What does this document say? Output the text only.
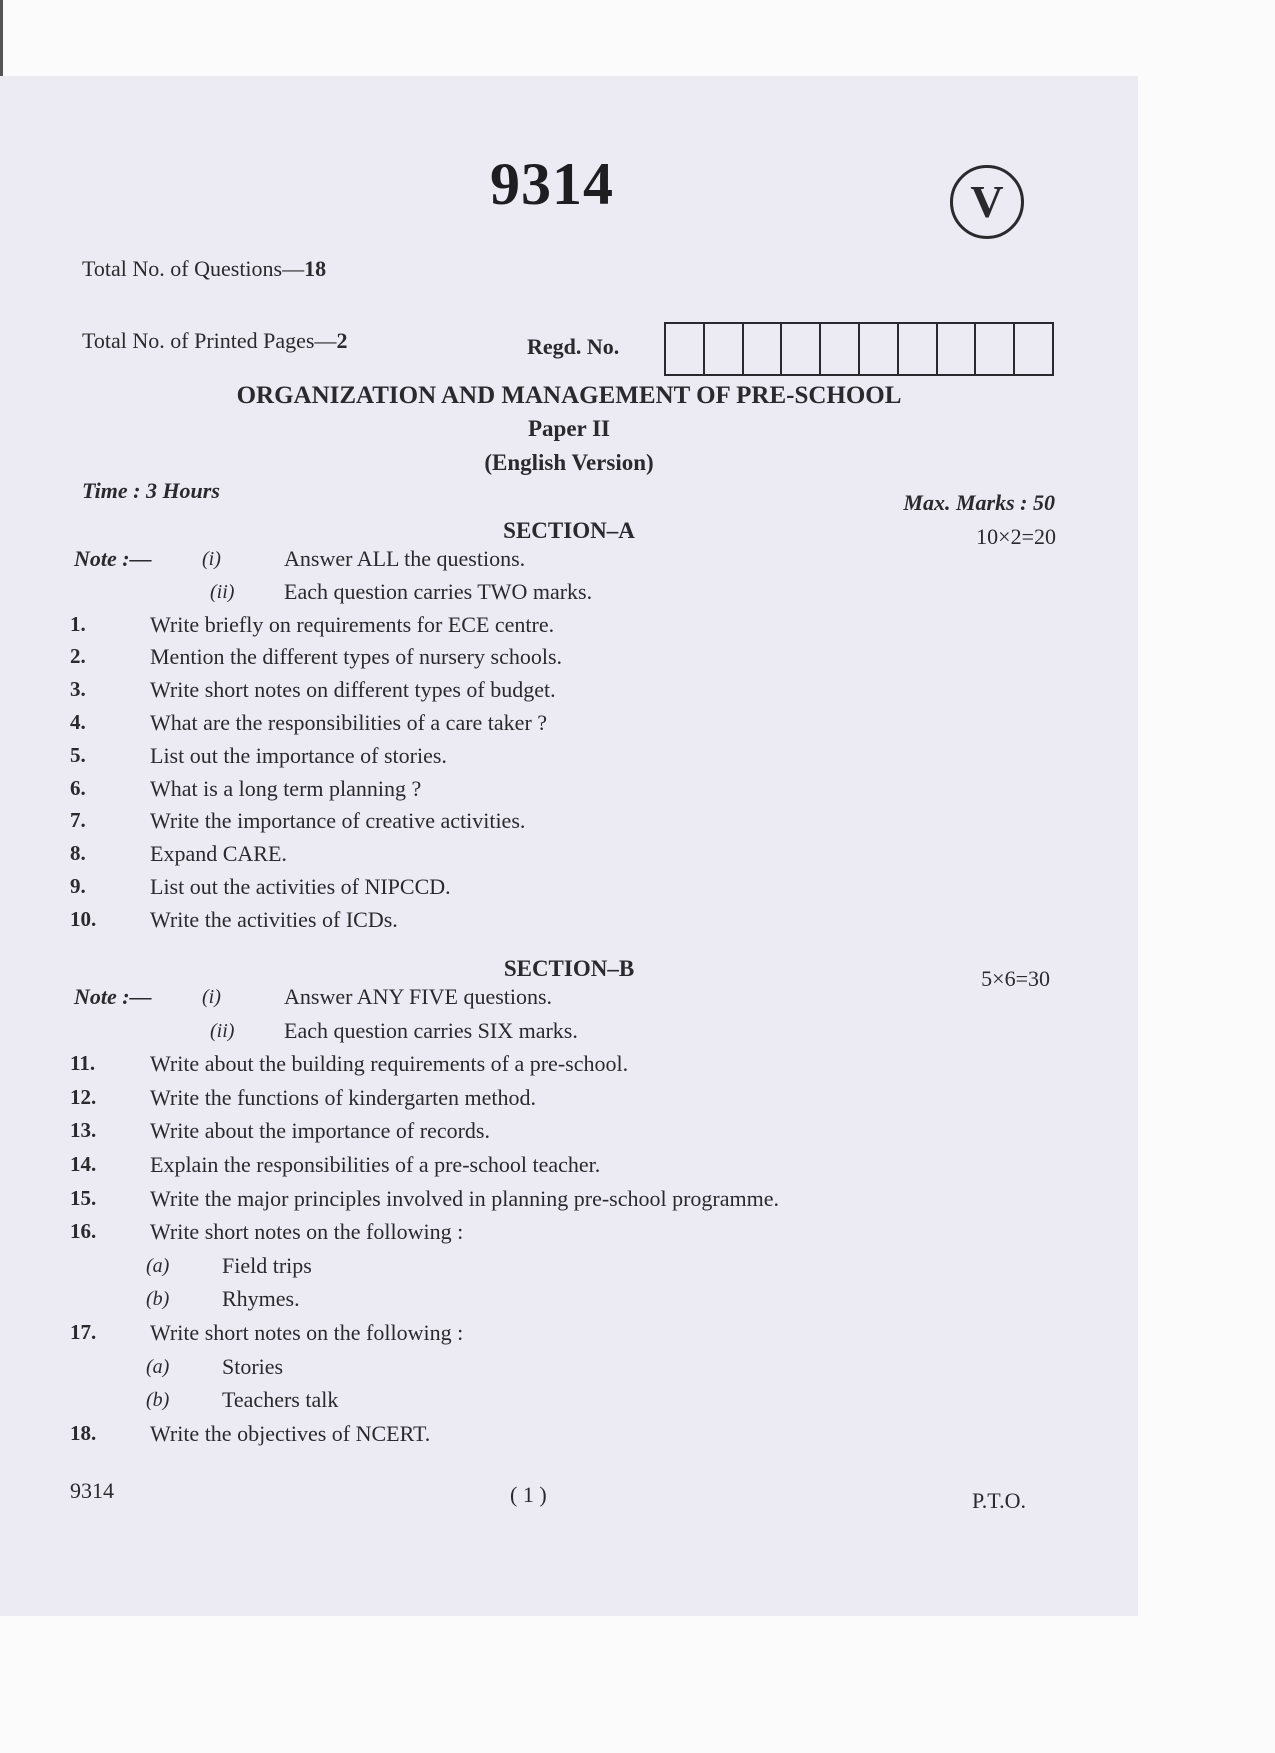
9314	V
Total No. of Questions—18
Total No. of Printed Pages—2	Regd. No.
ORGANIZATION AND MANAGEMENT OF PRE-SCHOOL
Paper II
(English Version)
Time : 3 Hours	Max. Marks : 50
SECTION–A	10×2=20
Note :—	(i)	Answer ALL the questions.
(ii) Each question carries TWO marks.
1.	Write briefly on requirements for ECE centre.
2.	Mention the different types of nursery schools.
3.	Write short notes on different types of budget.
4.	What are the responsibilities of a care taker ?
5.	List out the importance of stories.
6.	What is a long term planning ?
7.	Write the importance of creative activities.
8.	Expand CARE.
9.	List out the activities of NIPCCD.
10. Write the activities of ICDs.
SECTION–B	5×6=30
Note :—	(i)	Answer ANY FIVE questions.
(ii) Each question carries SIX marks.
11. Write about the building requirements of a pre-school.
12. Write the functions of kindergarten method.
13. Write about the importance of records.
14. Explain the responsibilities of a pre-school teacher.
15. Write the major principles involved in planning pre-school programme.
16. Write short notes on the following :
(a) Field trips
(b) Rhymes.
17. Write short notes on the following :
(a) Stories
(b) Teachers talk
18. Write the objectives of NCERT.
9314	( 1 )	P.T.O.
